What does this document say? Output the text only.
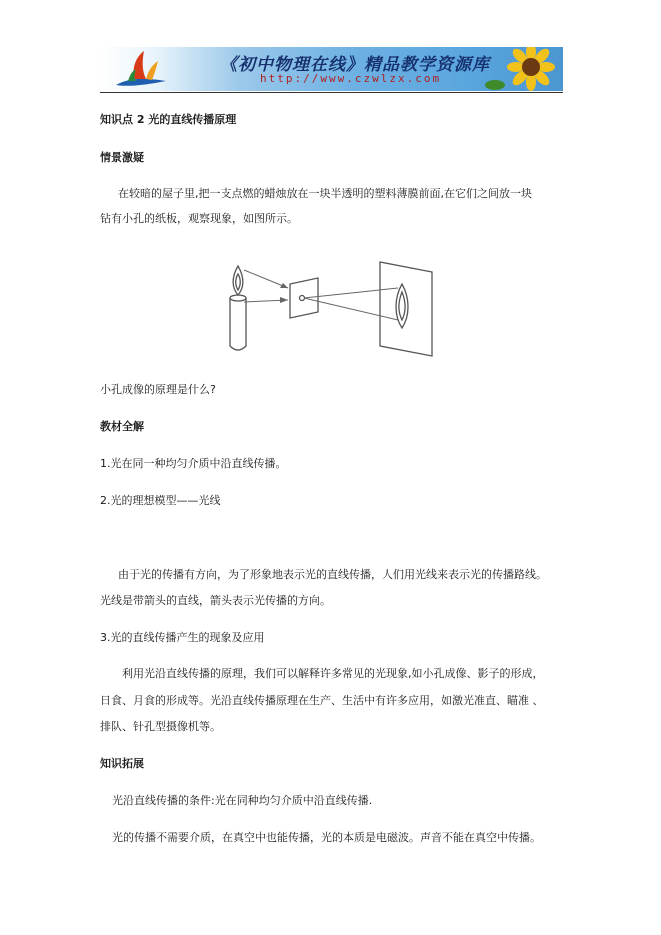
《初中物理在线》精品教学资源库
http://www.czwlzx.com
知识点 2 光的直线传播原理
情景激疑
在较暗的屋子里,把一支点燃的蜡烛放在一块半透明的塑料薄膜前面,在它们之间放一块
钻有小孔的纸板，观察现象，如图所示。
小孔成像的原理是什么?
教材全解
1.光在同一种均匀介质中沿直线传播。
2.光的理想模型——光线
由于光的传播有方向，为了形象地表示光的直线传播，人们用光线来表示光的传播路线。
光线是带箭头的直线，箭头表示光传播的方向。
3.光的直线传播产生的现象及应用
利用光沿直线传播的原理，我们可以解释许多常见的光现象,如小孔成像、影子的形成，
日食、月食的形成等。光沿直线传播原理在生产、生活中有许多应用，如激光准直、瞄准 、
排队、针孔型摄像机等。
知识拓展
光沿直线传播的条件:光在同种均匀介质中沿直线传播.
光的传播不需要介质，在真空中也能传播，光的本质是电磁波。声音不能在真空中传播。
